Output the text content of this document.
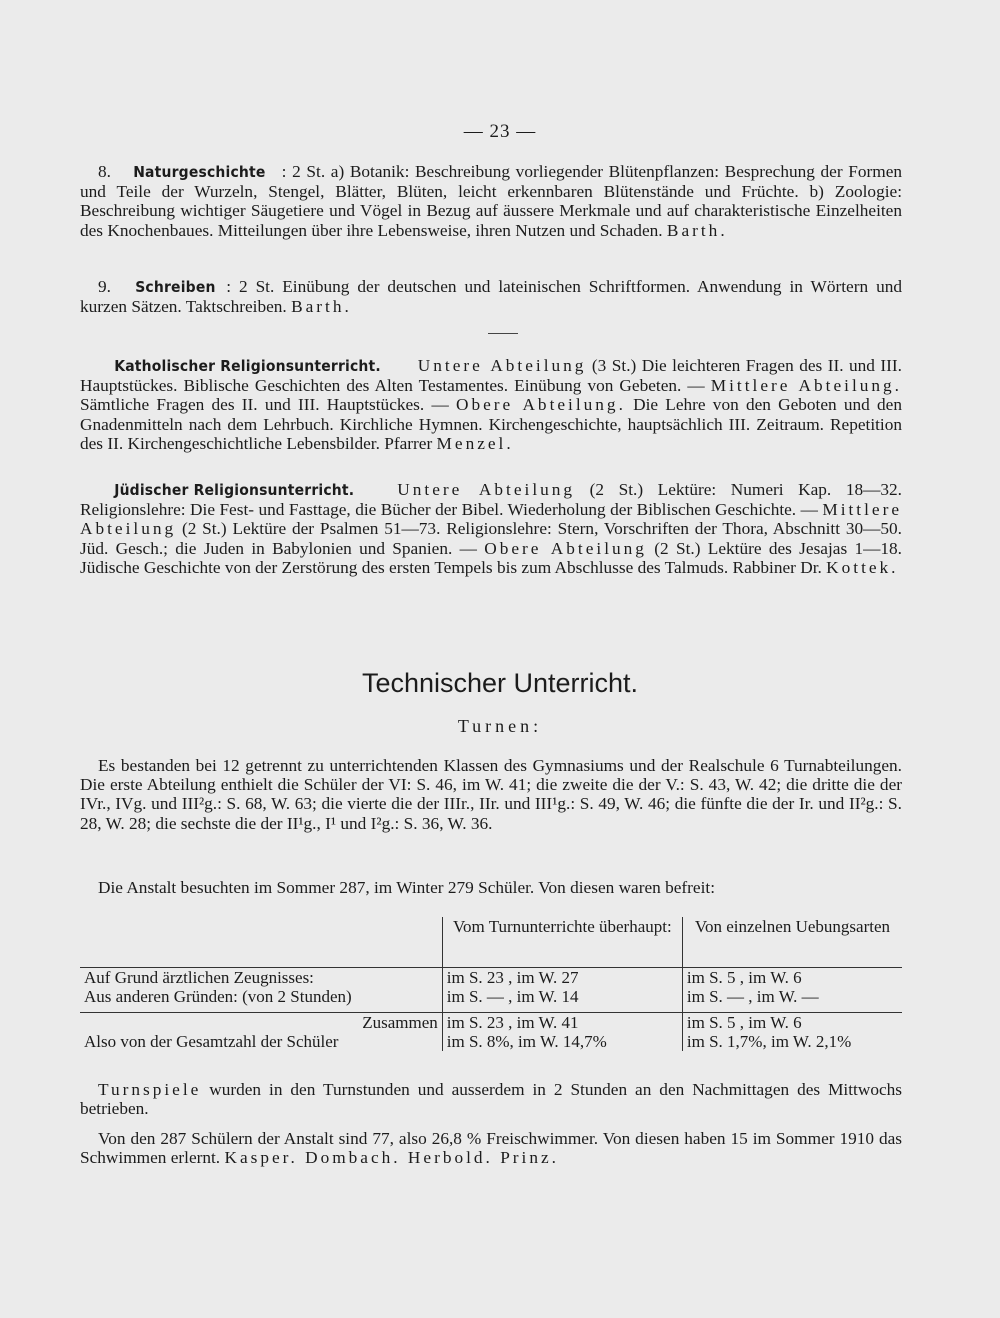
— 23 —

8. Naturgeschichte : 2 St. a) Botanik: Beschreibung vorliegender Blütenpflanzen: Besprechung der Formen und Teile der Wurzeln, Stengel, Blätter, Blüten, leicht erkennbaren Blütenstände und Früchte. b) Zoologie: Beschreibung wichtiger Säugetiere und Vögel in Bezug auf äussere Merkmale und auf charakteristische Einzelheiten des Knochenbaues. Mitteilungen über ihre Lebensweise, ihren Nutzen und Schaden. Barth.

9. Schreiben : 2 St. Einübung der deutschen und lateinischen Schriftformen. Anwendung in Wörtern und kurzen Sätzen. Taktschreiben. Barth.

Katholischer Religionsunterricht. Untere Abteilung (3 St.) Die leichteren Fragen des II. und III. Hauptstückes. Biblische Geschichten des Alten Testamentes. Einübung von Gebeten. — Mittlere Abteilung. Sämtliche Fragen des II. und III. Hauptstückes. — Obere Abteilung. Die Lehre von den Geboten und den Gnadenmitteln nach dem Lehrbuch. Kirchliche Hymnen. Kirchengeschichte, hauptsächlich III. Zeitraum. Repetition des II. Kirchengeschichtliche Lebensbilder. Pfarrer Menzel.

Jüdischer Religionsunterricht. Untere Abteilung (2 St.) Lektüre: Numeri Kap. 18—32. Religionslehre: Die Fest- und Fasttage, die Bücher der Bibel. Wiederholung der Biblischen Geschichte. — Mittlere Abteilung (2 St.) Lektüre der Psalmen 51—73. Religionslehre: Stern, Vorschriften der Thora, Abschnitt 30—50. Jüd. Gesch.; die Juden in Babylonien und Spanien. — Obere Abteilung (2 St.) Lektüre des Jesajas 1—18. Jüdische Geschichte von der Zerstörung des ersten Tempels bis zum Abschlusse des Talmuds. Rabbiner Dr. Kottek.

Technischer Unterricht.
Turnen:

Es bestanden bei 12 getrennt zu unterrichtenden Klassen des Gymnasiums und der Realschule 6 Turnabteilungen. Die erste Abteilung enthielt die Schüler der VI: S. 46, im W. 41; die zweite die der V.: S. 43, W. 42; die dritte die der IVr., IVg. und III²g.: S. 68, W. 63; die vierte die der IIIr., IIr. und III¹g.: S. 49, W. 46; die fünfte die der Ir. und II²g.: S. 28, W. 28; die sechste die der II¹g., I¹ und I²g.: S. 36, W. 36.

Die Anstalt besuchten im Sommer 287, im Winter 279 Schüler. Von diesen waren befreit:

	Vom Turnunterrichte überhaupt:	Von einzelnen Uebungsarten
Auf Grund ärztlichen Zeugnisses:	im S. 23 , im W. 27	im S. 5 , im W. 6
Aus anderen Gründen: (von 2 Stunden)	im S. — , im W. 14	im S. — , im W. —

Zusammen	im S. 23 , im W. 41	im S. 5 , im W. 6
Also von der Gesamtzahl der Schüler	im S. 8%, im W. 14,7%	im S. 1,7%, im W. 2,1%

Turnspiele wurden in den Turnstunden und ausserdem in 2 Stunden an den Nachmittagen des Mittwochs betrieben.

Von den 287 Schülern der Anstalt sind 77, also 26,8 % Freischwimmer. Von diesen haben 15 im Sommer 1910 das Schwimmen erlernt. Kasper. Dombach. Herbold. Prinz.
